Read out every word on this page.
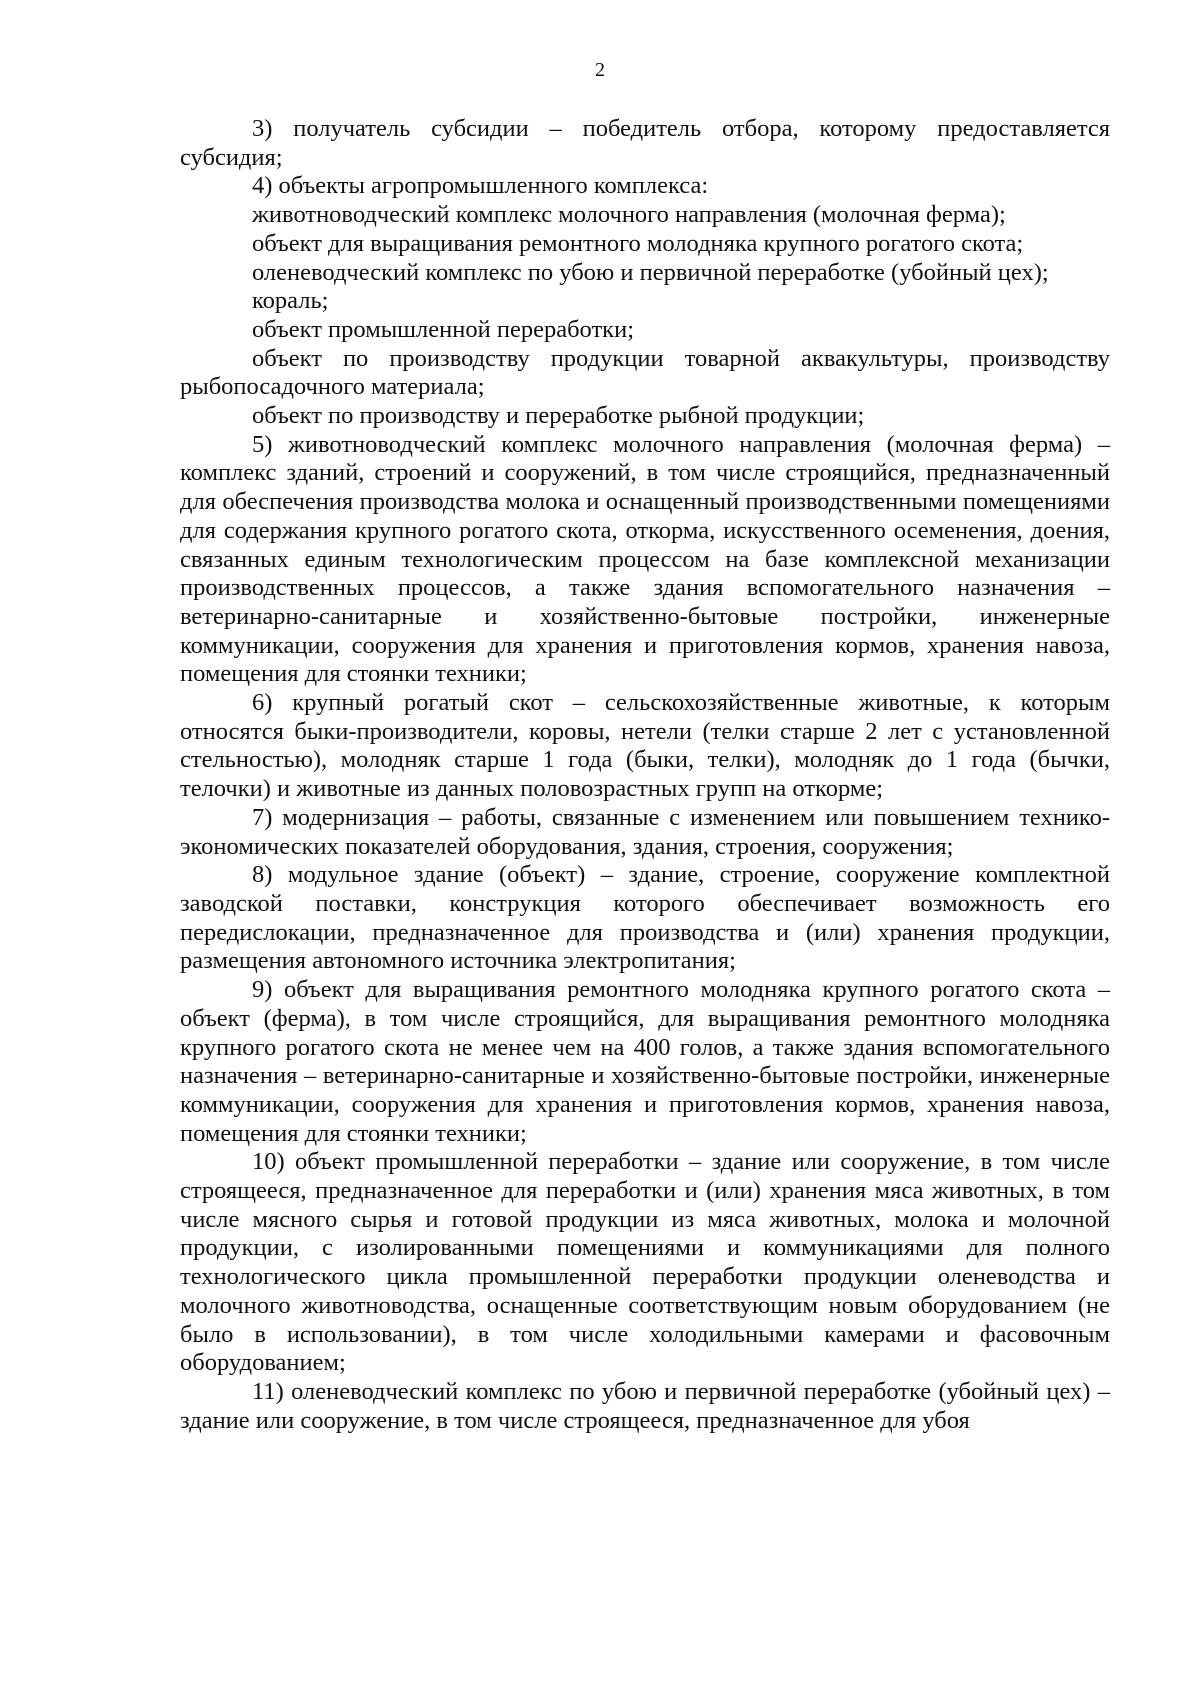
2

3) получатель субсидии – победитель отбора, которому предоставляется субсидия;

4) объекты агропромышленного комплекса:

животноводческий комплекс молочного направления (молочная ферма);

объект для выращивания ремонтного молодняка крупного рогатого скота;

оленеводческий комплекс по убою и первичной переработке (убойный цех);

кораль;

объект промышленной переработки;

объект по производству продукции товарной аквакультуры, производству рыбопосадочного материала;

объект по производству и переработке рыбной продукции;

5) животноводческий комплекс молочного направления (молочная ферма) – комплекс зданий, строений и сооружений, в том числе строящийся, предназначенный для обеспечения производства молока и оснащенный производственными помещениями для содержания крупного рогатого скота, откорма, искусственного осеменения, доения, связанных единым технологическим процессом на базе комплексной механизации производственных процессов, а также здания вспомогательного назначения – ветеринарно-санитарные и хозяйственно-бытовые постройки, инженерные коммуникации, сооружения для хранения и приготовления кормов, хранения навоза, помещения для стоянки техники;

6) крупный рогатый скот – сельскохозяйственные животные, к которым относятся быки-производители, коровы, нетели (телки старше 2 лет с установленной стельностью), молодняк старше 1 года (быки, телки), молодняк до 1 года (бычки, телочки) и животные из данных половозрастных групп на откорме;

7) модернизация – работы, связанные с изменением или повышением технико-экономических показателей оборудования, здания, строения, сооружения;

8) модульное здание (объект) – здание, строение, сооружение комплектной заводской поставки, конструкция которого обеспечивает возможность его передислокации, предназначенное для производства и (или) хранения продукции, размещения автономного источника электропитания;

9) объект для выращивания ремонтного молодняка крупного рогатого скота – объект (ферма), в том числе строящийся, для выращивания ремонтного молодняка крупного рогатого скота не менее чем на 400 голов, а также здания вспомогательного назначения – ветеринарно-санитарные и хозяйственно-бытовые постройки, инженерные коммуникации, сооружения для хранения и приготовления кормов, хранения навоза, помещения для стоянки техники;

10) объект промышленной переработки – здание или сооружение, в том числе строящееся, предназначенное для переработки и (или) хранения мяса животных, в том числе мясного сырья и готовой продукции из мяса животных, молока и молочной продукции, с изолированными помещениями и коммуникациями для полного технологического цикла промышленной переработки продукции оленеводства и молочного животноводства, оснащенные соответствующим новым оборудованием (не было в использовании), в том числе холодильными камерами и фасовочным оборудованием;

11) оленеводческий комплекс по убою и первичной переработке (убойный цех) – здание или сооружение, в том числе строящееся, предназначенное для убоя
